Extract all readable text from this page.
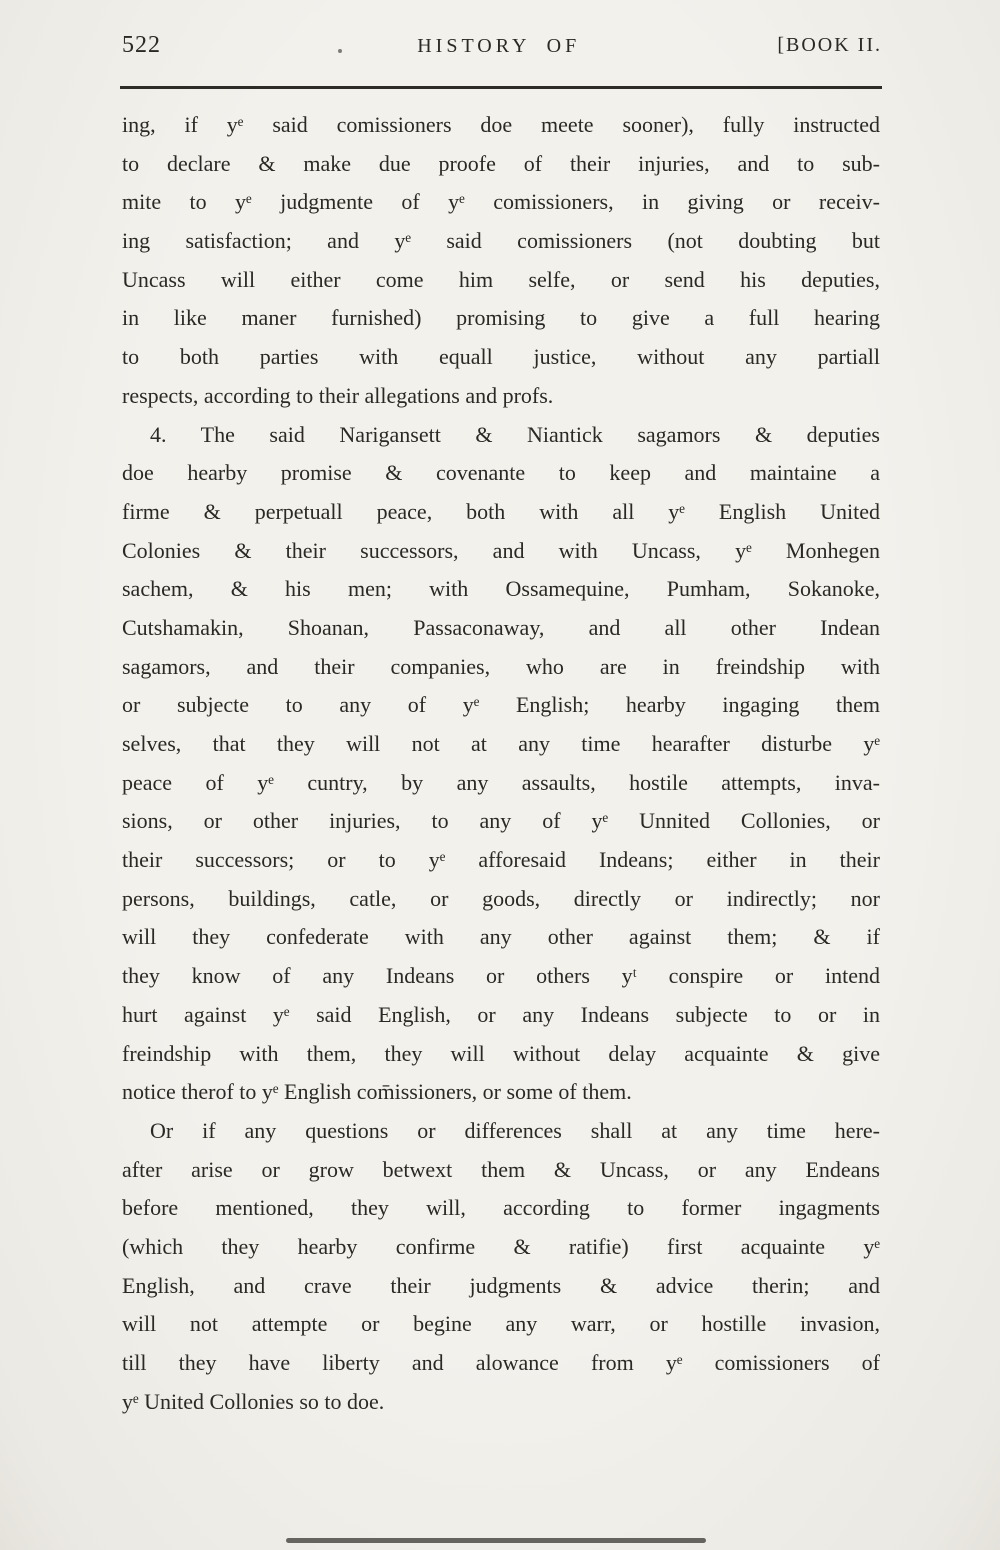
522	HISTORY OF	[BOOK II.
ing, if yᵉ said comissioners doe meete sooner), fully instructed
to declare & make due proofe of their injuries, and to sub-
mite to yᵉ judgmente of yᵉ comissioners, in giving or receiv-
ing satisfaction; and yᵉ said comissioners (not doubting but
Uncass will either come him selfe, or send his deputies,
in like maner furnished) promising to give a full hearing
to both parties with equall justice, without any partiall
respects, according to their allegations and profs.
4. The said Narigansett & Niantick sagamors & deputies
doe hearby promise & covenante to keep and maintaine a
firme & perpetuall peace, both with all yᵉ English United
Colonies & their successors, and with Uncass, yᵉ Monhegen
sachem, & his men; with Ossamequine, Pumham, Sokanoke,
Cutshamakin, Shoanan, Passaconaway, and all other Indean
sagamors, and their companies, who are in freindship with
or subjecte to any of yᵉ English; hearby ingaging them
selves, that they will not at any time hearafter disturbe yᵉ
peace of yᵉ cuntry, by any assaults, hostile attempts, inva-
sions, or other injuries, to any of yᵉ Unnited Collonies, or
their successors; or to yᵉ afforesaid Indeans; either in their
persons, buildings, catle, or goods, directly or indirectly; nor
will they confederate with any other against them; & if
they know of any Indeans or others yᵗ conspire or intend
hurt against yᵉ said English, or any Indeans subjecte to or in
freindship with them, they will without delay acquainte & give
notice therof to yᵉ English com̄issioners, or some of them.
Or if any questions or differences shall at any time here-
after arise or grow betwext them & Uncass, or any Endeans
before mentioned, they will, according to former ingagments
(which they hearby confirme & ratifie) first acquainte yᵉ
English, and crave their judgments & advice therin; and
will not attempte or begine any warr, or hostille invasion,
till they have liberty and alowance from yᵉ comissioners of
yᵉ United Collonies so to doe.
